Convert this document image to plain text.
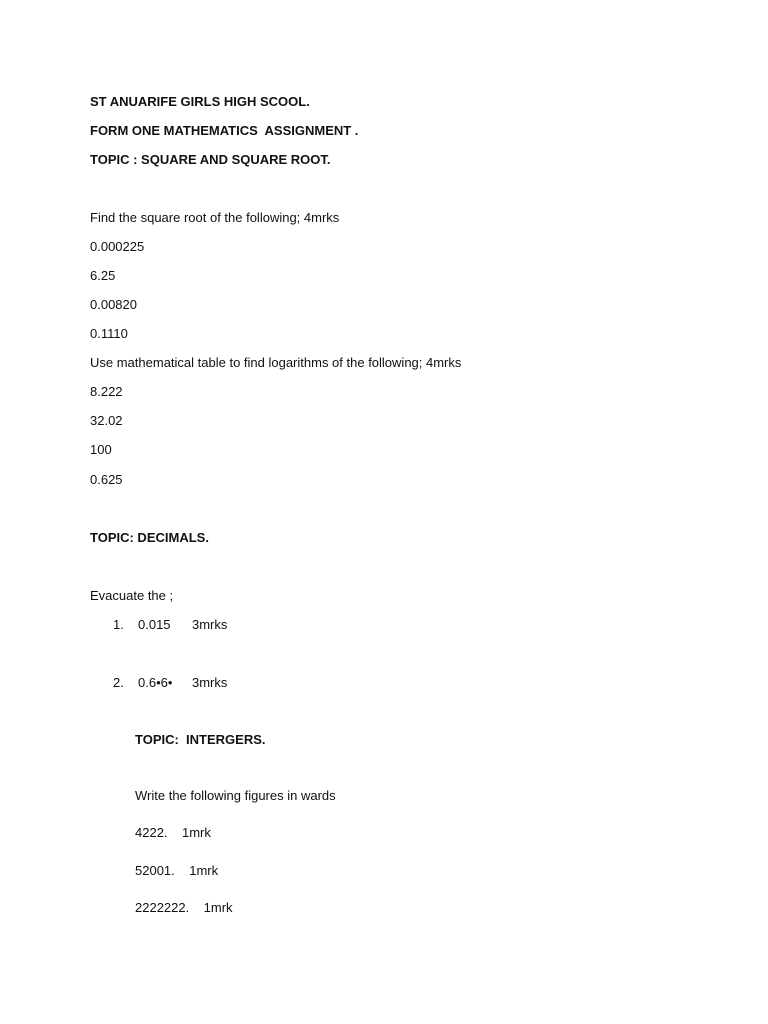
ST ANUARIFE GIRLS HIGH SCOOL.
FORM ONE MATHEMATICS  ASSIGNMENT .
TOPIC : SQUARE AND SQUARE ROOT.
Find the square root of the following; 4mrks
0.000225
6.25
0.00820
0.1110
Use mathematical table to find logarithms of the following; 4mrks
8.222
32.02
100
0.625
TOPIC: DECIMALS.
Evacuate the ;
1. 0.015 3mrks
2. 0.6•6• 3mrks
TOPIC:  INTERGERS.
Write the following figures in wards
4222.    1mrk
52001.    1mrk
2222222.    1mrk
